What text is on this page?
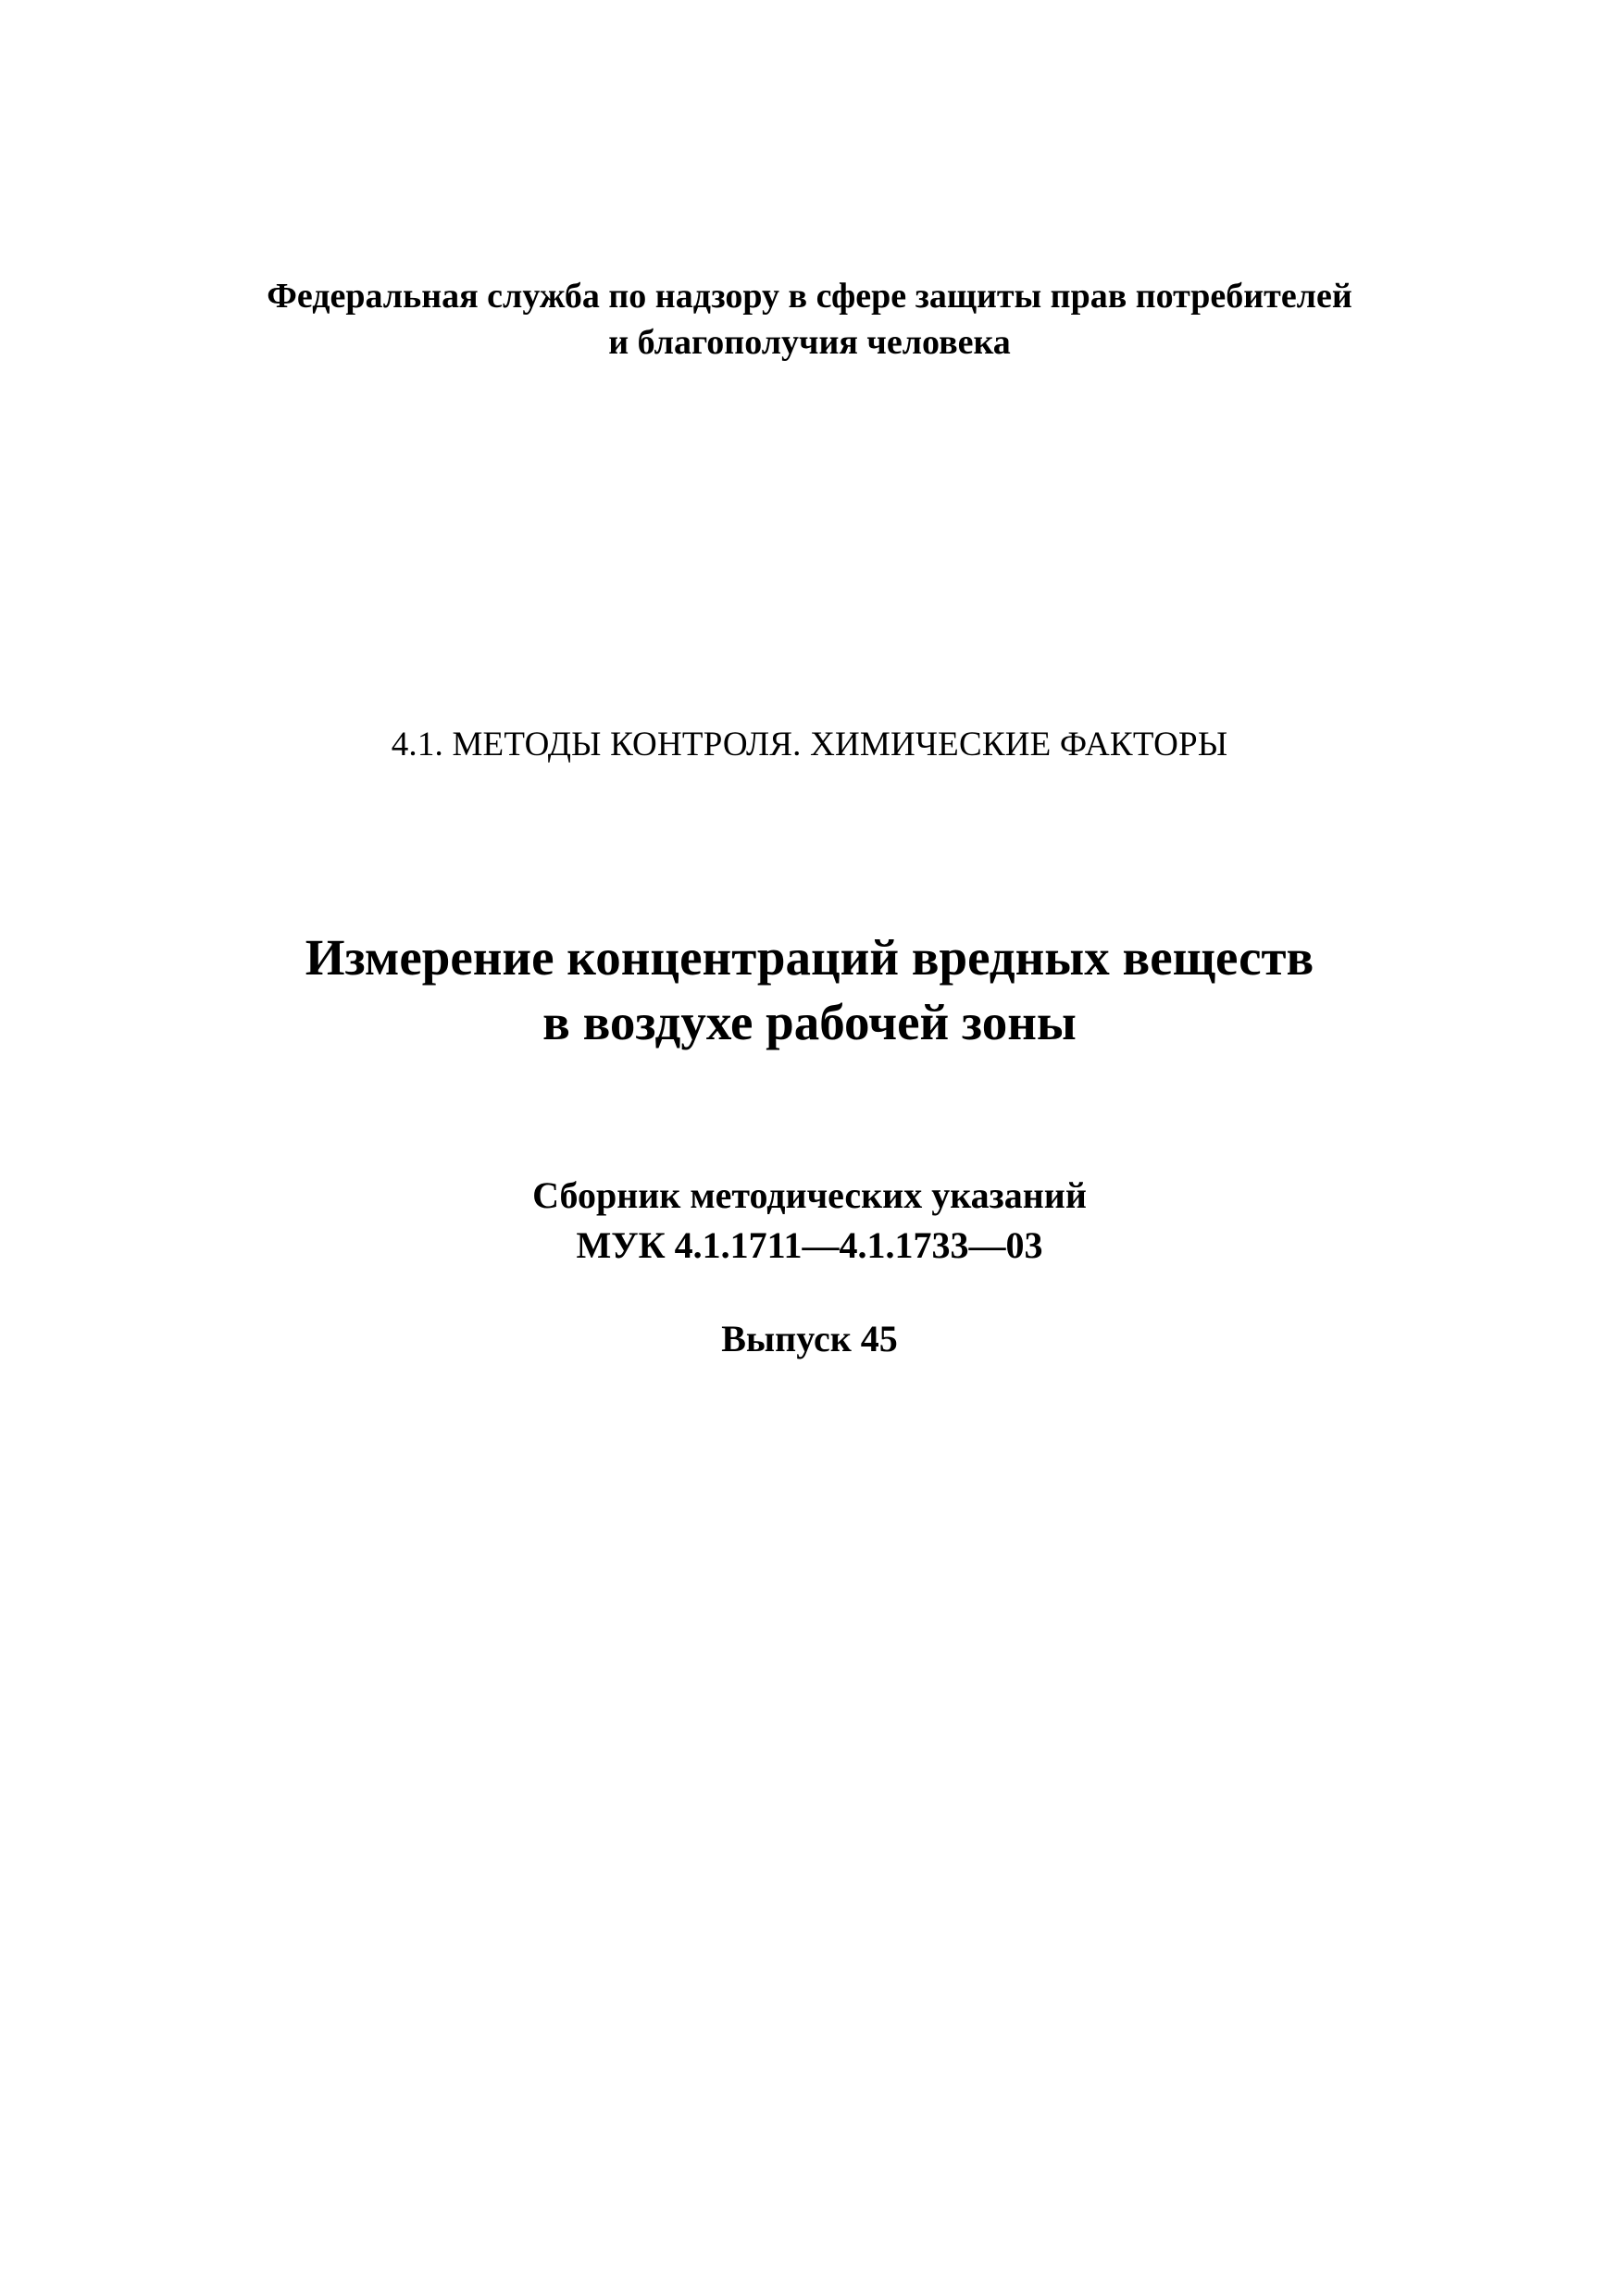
Федеральная служба по надзору в сфере защиты прав потребителей
и благополучия человека
4.1. МЕТОДЫ КОНТРОЛЯ. ХИМИЧЕСКИЕ ФАКТОРЫ
Измерение концентраций вредных веществ
в воздухе рабочей зоны
Сборник методических указаний
МУК 4.1.1711—4.1.1733—03
Выпуск 45
